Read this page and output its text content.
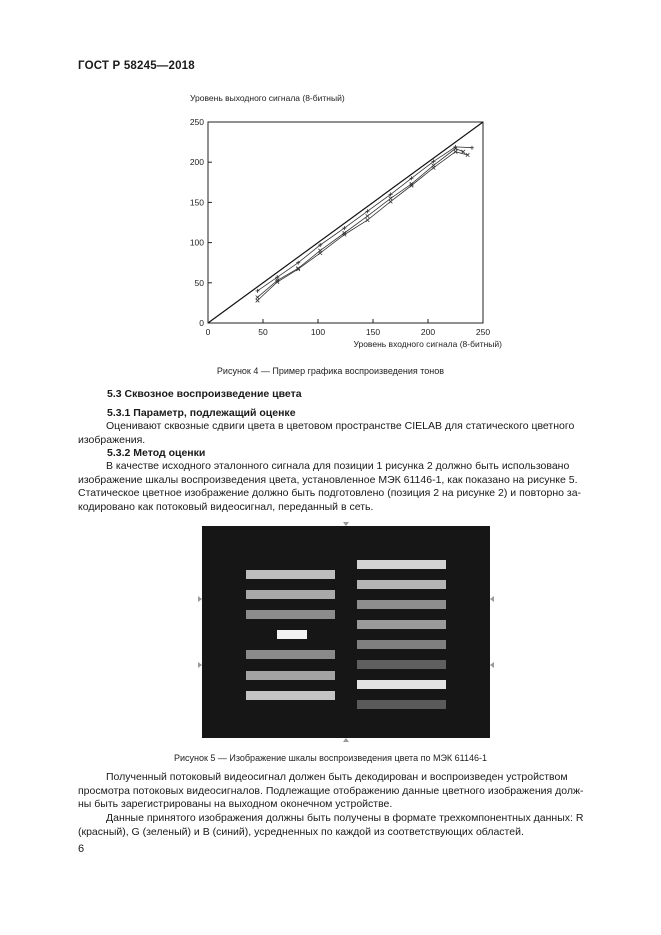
ГОСТ Р 58245—2018
Уровень выходного сигнала (8-битный)
Уровень входного сигнала (8-битный)
0	50	100	150	200	250
50
100
150
200
250
0
Рисунок 4 — Пример графика воспроизведения тонов
5.3 Сквозное воспроизведение цвета
5.3.1 Параметр, подлежащий оценке
Оценивают сквозные сдвиги цвета в цветовом пространстве CIELAB для статического цветного
изображения.
5.3.2 Метод оценки
В качестве исходного эталонного сигнала для позиции 1 рисунка 2 должно быть использовано
изображение шкалы воспроизведения цвета, установленное МЭК 61146-1, как показано на рисунке 5.
Статическое цветное изображение должно быть подготовлено (позиция 2 на рисунке 2) и повторно за-
кодировано как потоковый видеосигнал, переданный в сеть.
Рисунок 5 — Изображение шкалы воспроизведения цвета по МЭК 61146-1
Полученный потоковый видеосигнал должен быть декодирован и воспроизведен устройством
просмотра потоковых видеосигналов. Подлежащие отображению данные цветного изображения долж-
ны быть зарегистрированы на выходном оконечном устройстве.
Данные принятого изображения должны быть получены в формате трехкомпонентных данных: R
(красный), G (зеленый) и B (синий), усредненных по каждой из соответствующих областей.
6
